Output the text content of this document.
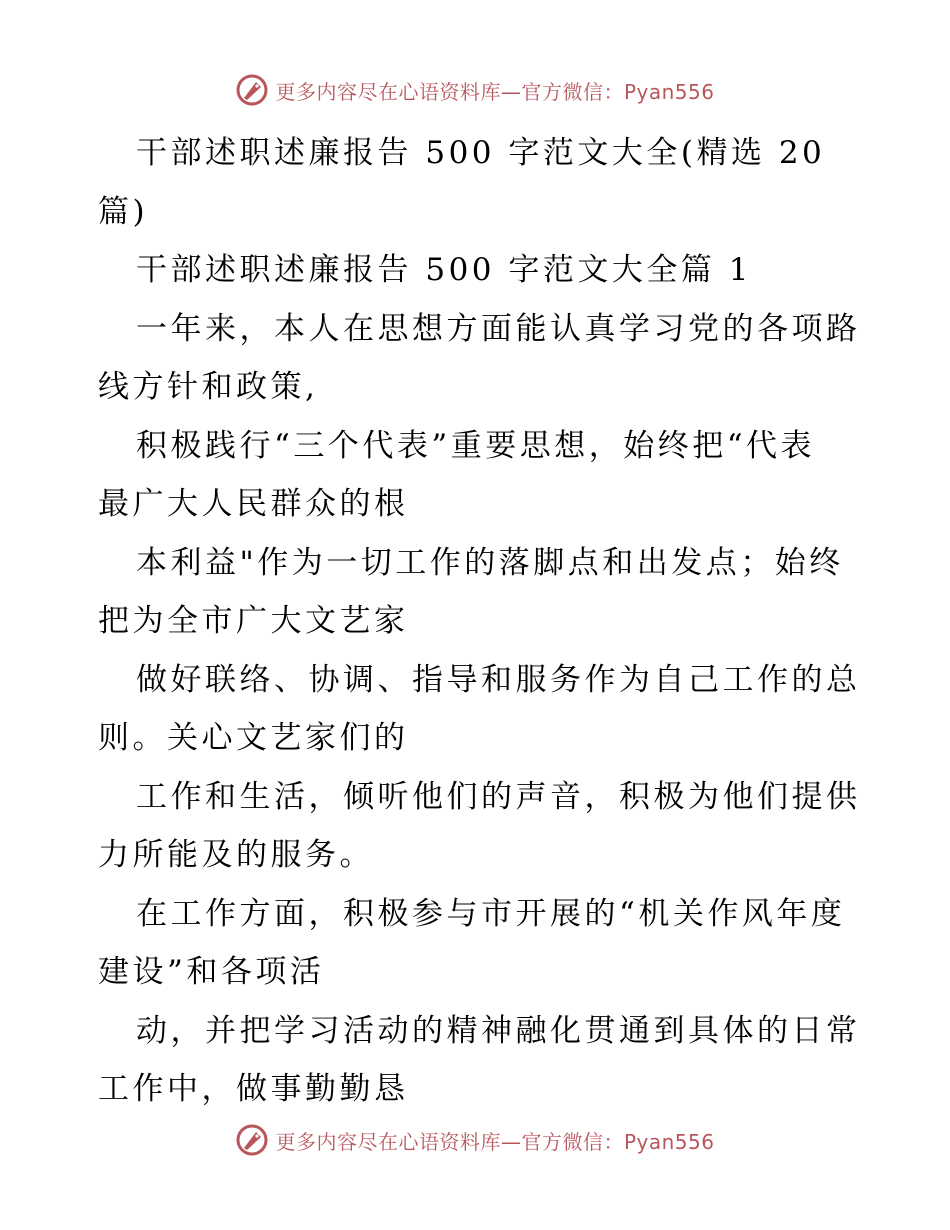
更多内容尽在心语资料库—官方微信：Pyan556
干部述职述廉报告 500 字范文大全(精选 20
篇)
干部述职述廉报告 500 字范文大全篇 1
一年来，本人在思想方面能认真学习党的各项路
线方针和政策,
积极践行“三个代表”重要思想，始终把“代表
最广大人民群众的根
本利益"作为一切工作的落脚点和出发点；始终
把为全市广大文艺家
做好联络、协调、指导和服务作为自己工作的总
则。关心文艺家们的
工作和生活，倾听他们的声音，积极为他们提供
力所能及的服务。
在工作方面，积极参与市开展的“机关作风年度
建设”和各项活
动，并把学习活动的精神融化贯通到具体的日常
工作中，做事勤勤恳
更多内容尽在心语资料库—官方微信：Pyan556
